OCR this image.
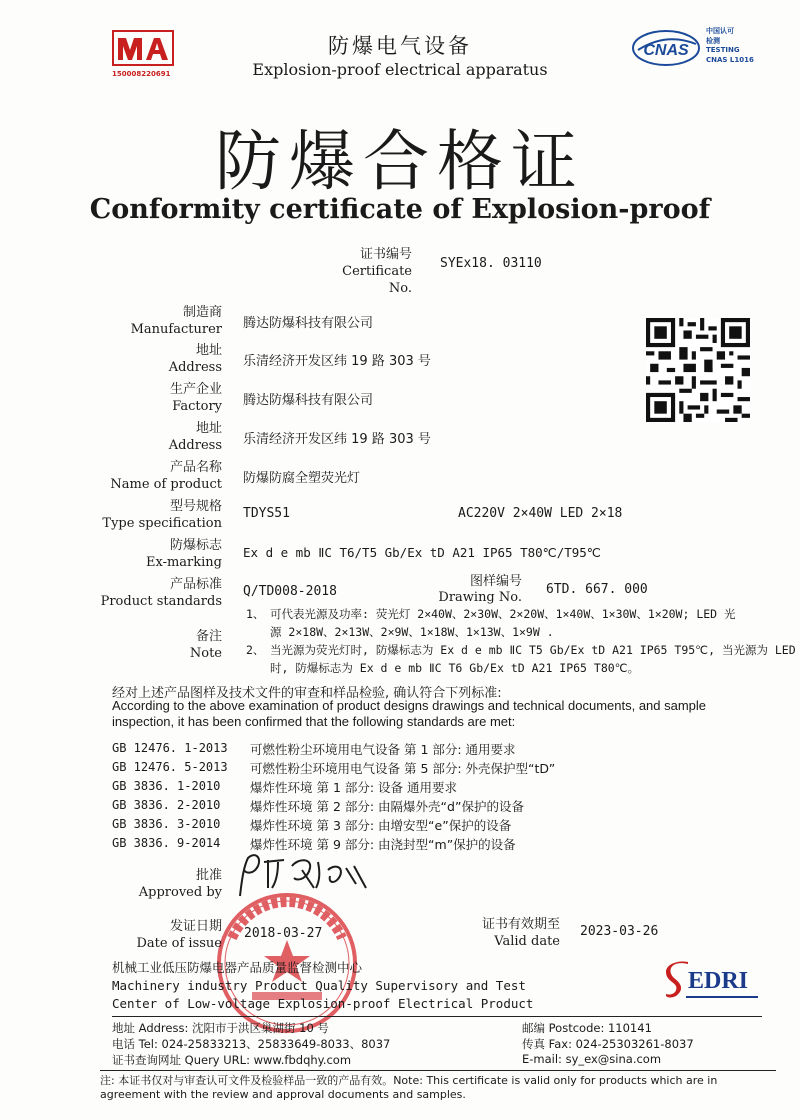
150008220691
防爆电气设备
Explosion-proof electrical apparatus
CNAS
中国认可
检测
TESTING
CNAS L1016
防爆合格证
Conformity certificate of Explosion-proof
证书编号
Certificate No.
SYEx18. 03110
制造商
Manufacturer 腾达防爆科技有限公司
地址
Address 乐清经济开发区纬 19 路 303 号
生产企业
Factory 腾达防爆科技有限公司
地址
Address 乐清经济开发区纬 19 路 303 号
产品名称
Name of product 防爆防腐全塑荧光灯
型号规格
Type specification
TDYS51	AC220V 2×40W LED 2×18
防爆标志
Ex-marking
Ex d e mb ⅡC T6/T5 Gb/Ex tD A21 IP65 T80℃/T95℃
产品标准
Product standards
Q/TD008-2018
图样编号
Drawing No.
6TD. 667. 000
备注
Note
1、 可代表光源及功率: 荧光灯 2×40W、2×30W、2×20W、1×40W、1×30W、1×20W; LED 光
源 2×18W、2×13W、2×9W、1×18W、1×13W、1×9W .
2、 当光源为荧光灯时, 防爆标志为 Ex d e mb ⅡC T5 Gb/Ex tD A21 IP65 T95℃, 当光源为 LED
时, 防爆标志为 Ex d e mb ⅡC T6 Gb/Ex tD A21 IP65 T80℃。
经对上述产品图样及技术文件的审查和样品检验, 确认符合下列标准:
According to the above examination of product designs drawings and technical documents, and sample inspection, it has been confirmed that the following standards are met:
GB 12476. 1-2013 可燃性粉尘环境用电气设备 第 1 部分: 通用要求
GB 12476. 5-2013 可燃性粉尘环境用电气设备 第 5 部分: 外壳保护型“tD”
GB 3836. 1-2010 爆炸性环境 第 1 部分: 设备 通用要求
GB 3836. 2-2010 爆炸性环境 第 2 部分: 由隔爆外壳“d”保护的设备
GB 3836. 3-2010 爆炸性环境 第 3 部分: 由增安型“e”保护的设备
GB 3836. 9-2014 爆炸性环境 第 9 部分: 由浇封型“m”保护的设备
批准
Approved by
发证日期
Date of issue
2018-03-27
证书有效期至
Valid date
2023-03-26
机械工业低压防爆电器产品质量监督检测中心
Machinery industry Product Quality Supervisory and Test
Center of Low-voltage Explosion-proof Electrical Product
EDRI
地址 Address: 沈阳市于洪区巢湖街 10 号
电话 Tel: 024-25833213、25833649-8033、8037
证书查询网址 Query URL: www.fbdqhy.com
邮编 Postcode: 110141
传真 Fax: 024-25303261-8037
E-mail: sy_ex@sina.com
注: 本证书仅对与审查认可文件及检验样品一致的产品有效。Note: This certificate is valid only for products which are in
agreement with the review and approval documents and samples.
